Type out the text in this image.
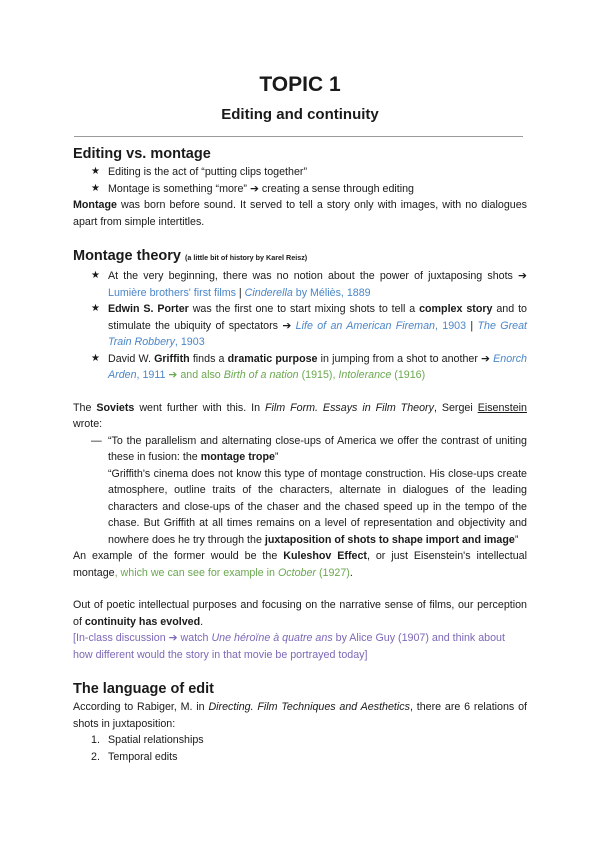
TOPIC 1
Editing and continuity
Editing vs. montage
★ Editing is the act of “putting clips together”
★ Montage is something “more” ➔ creating a sense through editing

Montage was born before sound. It served to tell a story only with images, with no dialogues apart from simple intertitles.

Montage theory (a little bit of history by Karel Reisz)
★ At the very beginning, there was no notion about the power of juxtaposing shots ➔ Lumière brothers' first films | Cinderella by Méliès, 1889
★ Edwin S. Porter was the first one to start mixing shots to tell a complex story and to stimulate the ubiquity of spectators ➔ Life of an American Fireman, 1903 | The Great Train Robbery, 1903
★ David W. Griffith finds a dramatic purpose in jumping from a shot to another ➔ Enorch Arden, 1911 ➔ and also Birth of a nation (1915), Intolerance (1916)

The Soviets went further with this. In Film Form. Essays in Film Theory, Sergei Eisenstein wrote:

— “To the parallelism and alternating close-ups of America we offer the contrast of uniting these in fusion: the montage trope”
“Griffith's cinema does not know this type of montage construction. His close-ups create atmosphere, outline traits of the characters, alternate in dialogues of the leading characters and close-ups of the chaser and the chased speed up in the tempo of the chase. But Griffith at all times remains on a level of representation and objectivity and nowhere does he try through the juxtaposition of shots to shape import and image”

An example of the former would be the Kuleshov Effect, or just Eisenstein's intellectual montage, which we can see for example in October (1927).

Out of poetic intellectual purposes and focusing on the narrative sense of films, our perception of continuity has evolved.

[In-class discussion ➔ watch Une héroïne à quatre ans by Alice Guy (1907) and think about how different would the story in that movie be portrayed today]

The language of edit

According to Rabiger, M. in Directing. Film Techniques and Aesthetics, there are 6 relations of shots in juxtaposition:

1. Spatial relationships
2. Temporal edits
